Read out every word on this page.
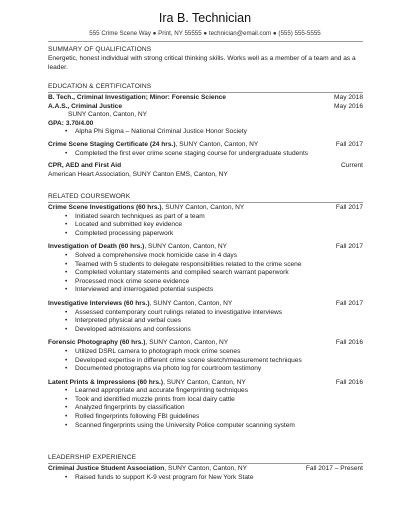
Ira B. Technician
555 Crime Scene Way ● Print, NY 55555 ● technician@email.com ● (555) 555-5555
SUMMARY OF QUALIFICATIONS
Energetic, honest individual with strong critical thinking skills. Works well as a member of a team and as a leader.
EDUCATION & CERTIFICATOINS
B. Tech., Criminal Investigation; Minor: Forensic Science	May 2018
A.A.S., Criminal Justice	May 2016
SUNY Canton, Canton, NY
GPA: 3.70/4.00
• Alpha Phi Sigma – National Criminal Justice Honor Society
Crime Scene Staging Certificate (24 hrs.), SUNY Canton, Canton, NY	Fall 2017
• Completed the first ever crime scene staging course for undergraduate students
CPR, AED and First Aid	Current
American Heart Association, SUNY Canton EMS, Canton, NY
RELATED COURSEWORK
Crime Scene Investigations (60 hrs.), SUNY Canton, Canton, NY	Fall 2017
• Initiated search techniques as part of a team
• Located and submitted key evidence
• Completed processing paperwork
Investigation of Death (60 hrs.), SUNY Canton, Canton, NY	Fall 2017
• Solved a comprehensive mock homicide case in 4 days
• Teamed with 5 students to delegate responsibilities related to the crime scene
• Completed voluntary statements and compiled search warrant paperwork
• Processed mock crime scene evidence
• Interviewed and interrogated potential suspects
Investigative Interviews (60 hrs.), SUNY Canton, Canton, NY	Fall 2017
• Assessed contemporary court rulings related to investigative interviews
• Interpreted physical and verbal cues
• Developed admissions and confessions
Forensic Photography (60 hrs.), SUNY Canton, Canton, NY	Fall 2016
• Utilized DSRL camera to photograph mock crime scenes
• Developed expertise in different crime scene sketch/measurement techniques
• Documented photographs via photo log for courtroom testimony
Latent Prints & Impressions (60 hrs.), SUNY Canton, Canton, NY	Fall 2016
• Learned appropriate and accurate fingerprinting techniques
• Took and identified muzzle prints from local dairy cattle
• Analyzed fingerprints by classification
• Rolled fingerprints following FBI guidelines
• Scanned fingerprints using the University Police computer scanning system
LEADERSHIP EXPERIENCE
Criminal Justice Student Association, SUNY Canton, Canton, NY	Fall 2017 – Present
• Raised funds to support K-9 vest program for New York State
